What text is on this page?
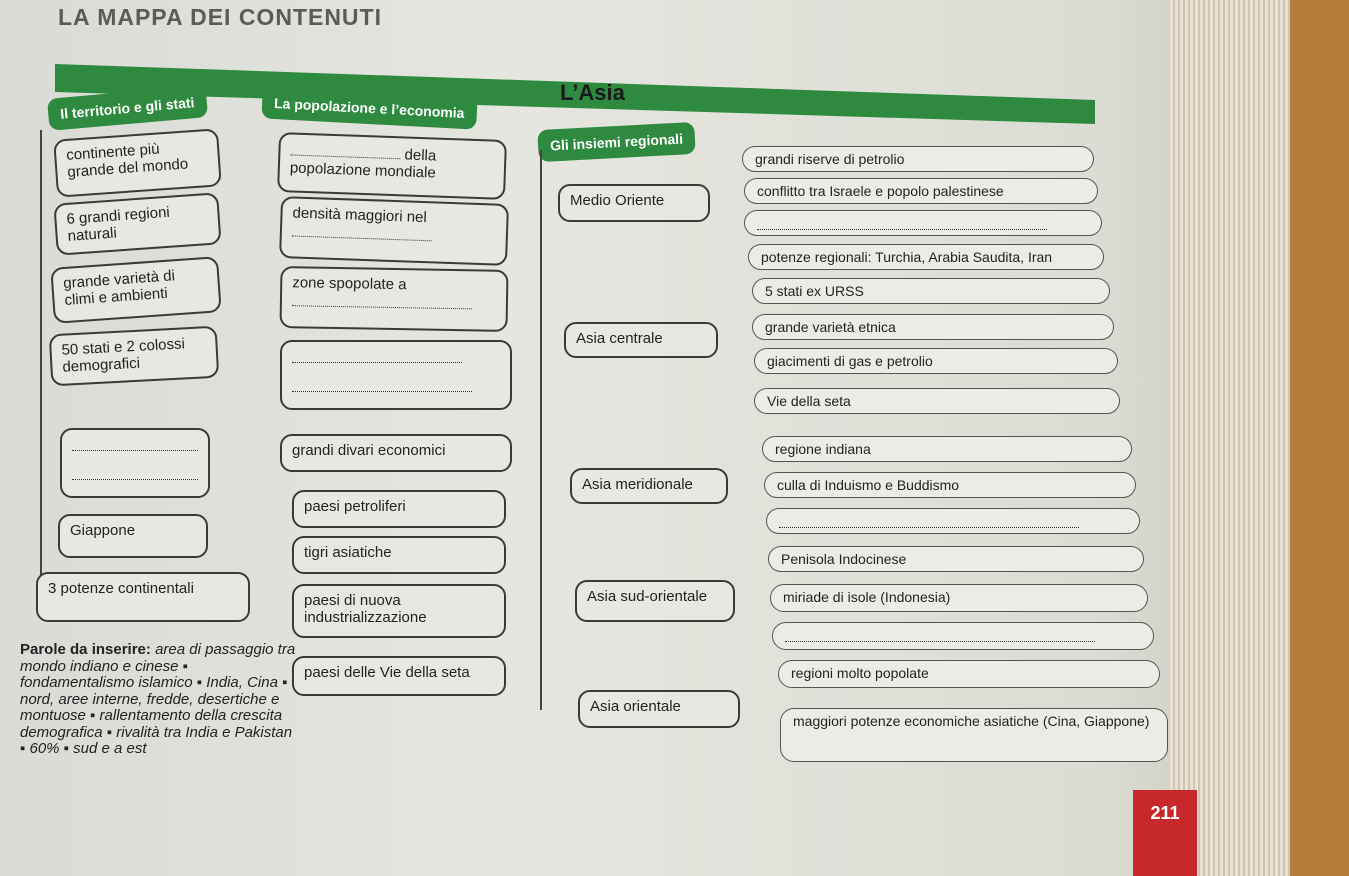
LA MAPPA DEI CONTENUTI
L’Asia
Il territorio e gli stati	La popolazione e l’economia
Gli insiemi regionali
continente più grande del mondo
6 grandi regioni naturali
grande varietà di climi e ambienti
50 stati e 2 colossi demografici
Giappone
3 potenze continentali
della popolazione mondiale
densità maggiori nel
zone spopolate a
grandi divari economici
paesi petroliferi
tigri asiatiche
paesi di nuova industrializzazione
paesi delle Vie della seta
Medio Oriente
Asia centrale
Asia meridionale
Asia sud-orientale
Asia orientale
grandi riserve di petrolio
conflitto tra Israele e popolo palestinese
potenze regionali: Turchia, Arabia Saudita, Iran
5 stati ex URSS
grande varietà etnica
giacimenti di gas e petrolio
Vie della seta
regione indiana
culla di Induismo e Buddismo
Penisola Indocinese
miriade di isole (Indonesia)
regioni molto popolate
maggiori potenze economiche asiatiche (Cina, Giappone)
Parole da inserire: area di passaggio tra mondo indiano e cinese ▪ fondamentalismo islamico ▪ India, Cina ▪ nord, aree interne, fredde, desertiche e montuose ▪ rallentamento della crescita demografica ▪ rivalità tra India e Pakistan ▪ 60% ▪ sud e a est
211
